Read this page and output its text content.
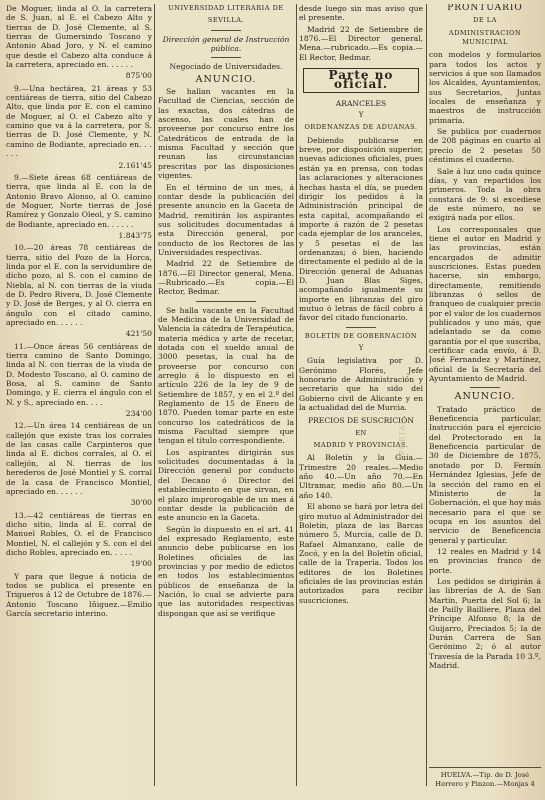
De Moguer, linda al O. la carretera de S. Juan, al E. el Cabezo Alto y tierras de D. José Clemente, al S. tierras de Gumersindo Toscano y Antonio Abad Joro, y N. el camino que desde el Cabezo alta conduce á la carretera, apreciado en. . . . . .

875'00

9.—Una hectárea, 21 áreas y 53 centiáreas de tierra, sitio del Cabezo Alto, que linda por E. con el camino de Moguer, al O. el Cabezo alto y camino que va á la carretera, por S. tierras de D. José Clemente, y N. camino de Bodiante, apreciado en. . . . . .

2.161'45

9.—Siete áreas 68 centiáreas de tierra, que linda al E. con la de Antonio Bravo Alonso, al O. camino de Moguer, Norte tierras de José Ramírez y Gonzalo Oleol, y S. camino de Bodiante, apreciado en. . . . . .

1.843'75

10.—20 áreas 78 centiáreas de tierra, sitio del Pozo de la Horca, linda por el E. con la servidumbre de dicho pozo, al S. con el camino de Niebla, al N. con tierras de la viuda de D. Pedro Rivera, D. José Clemente y D. José de Berges, y al O. cierra en ángulo con el citado camino, apreciado en. . . . . .

421'50

11.—Once áreas 56 centiáreas de tierra camino de Santo Domingo, linda al N. con tierras de la viuda de D. Modesto Toscano, al O. camino de Bosa, al S. camino de Santo Domingo, y E. cierra el ángulo con el N. y S., apreciado en. . . .

234'00

12.—Un área 14 centiáreas de un callejón que existe tras los corrales de las casas calle Carpinteros que linda al E. dichos corrales, al O. el callejón, al N. tierras de los herederos de José Montiel y S. corral de la casa de Francisco Montiel, apreciado en. . . . . .

30'00

13.—42 centiáreas de tierras en dicho sitio, linda al E. corral de Manuel Robles, O. el de Francisco Montiel, N. el callejón y S. con el del dicho Robles, apreciado en. . . . .

19'00

Y para que llegue á noticia de todos se publica el presente en Trigueros á 12 de Octubre de 1876.—Antonio Toscano Iñiguez.—Emilio García secretario interino.

UNIVERSIDAD LITERARIA DE
SEVILLA.
Dirección general de Instrucción pública.
Negociado de Universidades.
ANUNCIO.

Se hallan vacantes en la Facultad de Ciencias, sección de las exactas, dos cátedras de ascenso, las cuales han de proveerse por concurso entre los Catedráticos de entrada de la misma Facultad y sección que reunan las circunstancias prescritas por las disposiciones vigentes.

En el término de un mes, á contar desde la publicación del presente anuncio en la Gaceta de Madrid, remitirán los aspirantes sus solicitudes documentadas á esta Dirección general, por conducto de los Rectores de las Universidades respectivas.

Madrid 22 de Setiembre de 1876.—El Director general, Mena.—Rubricado.—Es copia.—El Rector, Bedmar.

Se halla vacante en la Facultad de Medicina de la Universidad de Valencia la cátedra de Terapéutica, materia médica y arte de recetar, dotada con el sueldo anual de 3000 pesetas, la cual ha de proveerse por concurso con arreglo á lo dispuesto en el artículo 226 de la ley de 9 de Setiembre de 1857, y en el 2.º del Reglamento de 15 de Enero de 1870. Pueden tomar parte en este concurso los catedráticos de la misma Facultad siempre que tengan el título correspondiente.

Los aspirantes dirigirán sus solicitudes documentadas á la Dirección general por conducto del Decano ó Director del establecimiento en que sirvan, en el plazo improrogable de un mes á contar desde la publicación de este anuncio en la Gaceta.

Según lo dispuesto en el art. 41 del expresado Reglamento, este anuncio debe publicarse en los Boletines oficiales de las provincias y por medio de edictos en todos los establecimientos públicos de enseñanza de la Nación, lo cual se advierte para que las autoridades respectivas dispongan que así se verifique

desde luego sin mas aviso que el presente.

Madrid 22 de Setiembre de 1876.—El Director general, Mena.—rubricado.—Es copia.—El Rector, Bedmar.

Parte no oficial.
ARANCELES
Y
ORDENANZAS DE ADUANAS.

Debiendo publicarse en breve, por disposición superior, nuevas adiciones oficiales, pues están ya en prensa, con todas las aclaraciones y alteraciones hechas hasta el día, se pueden dirigir los pedidos á la Administración principal de esta capital, acompañando el importe á razón de 2 pesetas cada ejemplar de los aranceles, y 5 pesetas el de las ordenanzas; ó bien, haciendo directamente el pedido al de la Dirección general de Aduanas D. Juan Blas Siges, acompañando igualmente su importe en libranzas del giro mutuo ó letras de fácil cobro á favor del citado funcionario.

BOLETÍN DE GOBERNACIÓN
Y

Guía legislativa por D. Gerónimo Florés, Jefe honorario de Administración y secretario que ha sido del Gobierno civil de Alicante y en la actualidad del de Murcia.

PRECIOS DE SUSCRICIÓN
EN
MADRID Y PROVINCIAS.

Al Boletín y la Guía.—Trimestre 20 reales.—Medio año 40.—Un año 70.—En Ultramar, medio año 80.—Un año 140.

El abono se hará por letra del giro mutuo al Administrador del Boletín, plaza de las Barcas número 5, Murcia, calle de D. Rafael Almanzano, calle de Zocó, y en la del Boletín oficial, calle de la Trapería. Todos los editores de los Boletines oficiales de las provincias están autorizados para recibir suscriciones.

PRONTUARIO
DE LA
ADMINISTRACION MUNICIPAL

con modelos y formularios para todos los actos y servicios á que son llamados los Alcaldes, Ayuntamientos, sus Secretarios, Juntas locales de enseñanza y maestros de instrucción primaria.

Se publica por cuadernos de 208 páginas en cuarto al precio de 2 pesetas 50 céntimos el cuaderno.

Sale á luz uno cada quince días, y van repartidos los primeros. Toda la obra constará de 9: si excediese de este número, no se exigirá nada por ellos.

Los corresponsales que tiene el autor en Madrid y las provincias, están encargados de admitir suscriciones. Estas pueden hacerse, sin embargo, directamente, remitiendo libranzas ó sellos de franqueo de cualquier precio por el valor de los cuadernos publicados y uno más, que adelantado se da como garantía por el que suscriba, certificar cada envío, á D. José Fernandez y Martínez, oficial de la Secretaría del Ayuntamiento de Madrid.

ANUNCIO.

Tratado práctico de Beneficencia particular, Instrucción para el ejercicio del Protectorado en la Beneficencia particular de 30 de Diciembre de 1875, anotado por D. Fermín Hernández Iglesias, Jefe de la sección del ramo en el Ministerio de la Gobernación, el que hoy más necesario para el que se ocupa en los asuntos del servicio de Beneficencia general y particular.

12 reales en Madrid y 14 en provincias franco de porte.

Los pedidos se dirigirán á las librerías de A. de San Martín, Puerta del Sol 6; la de Pailly Bailliere, Plaza del Príncipe Alfonso 8; la de Guijarro, Preciados 5; la de Durán Carrera de San Gerónimo 2; ó al autor Travesía de la Parada 10 3.º, Madrid.

HUELVA.—Tip. de D. José Herrero y Pinzon.—Monjas 4
PORTAL
